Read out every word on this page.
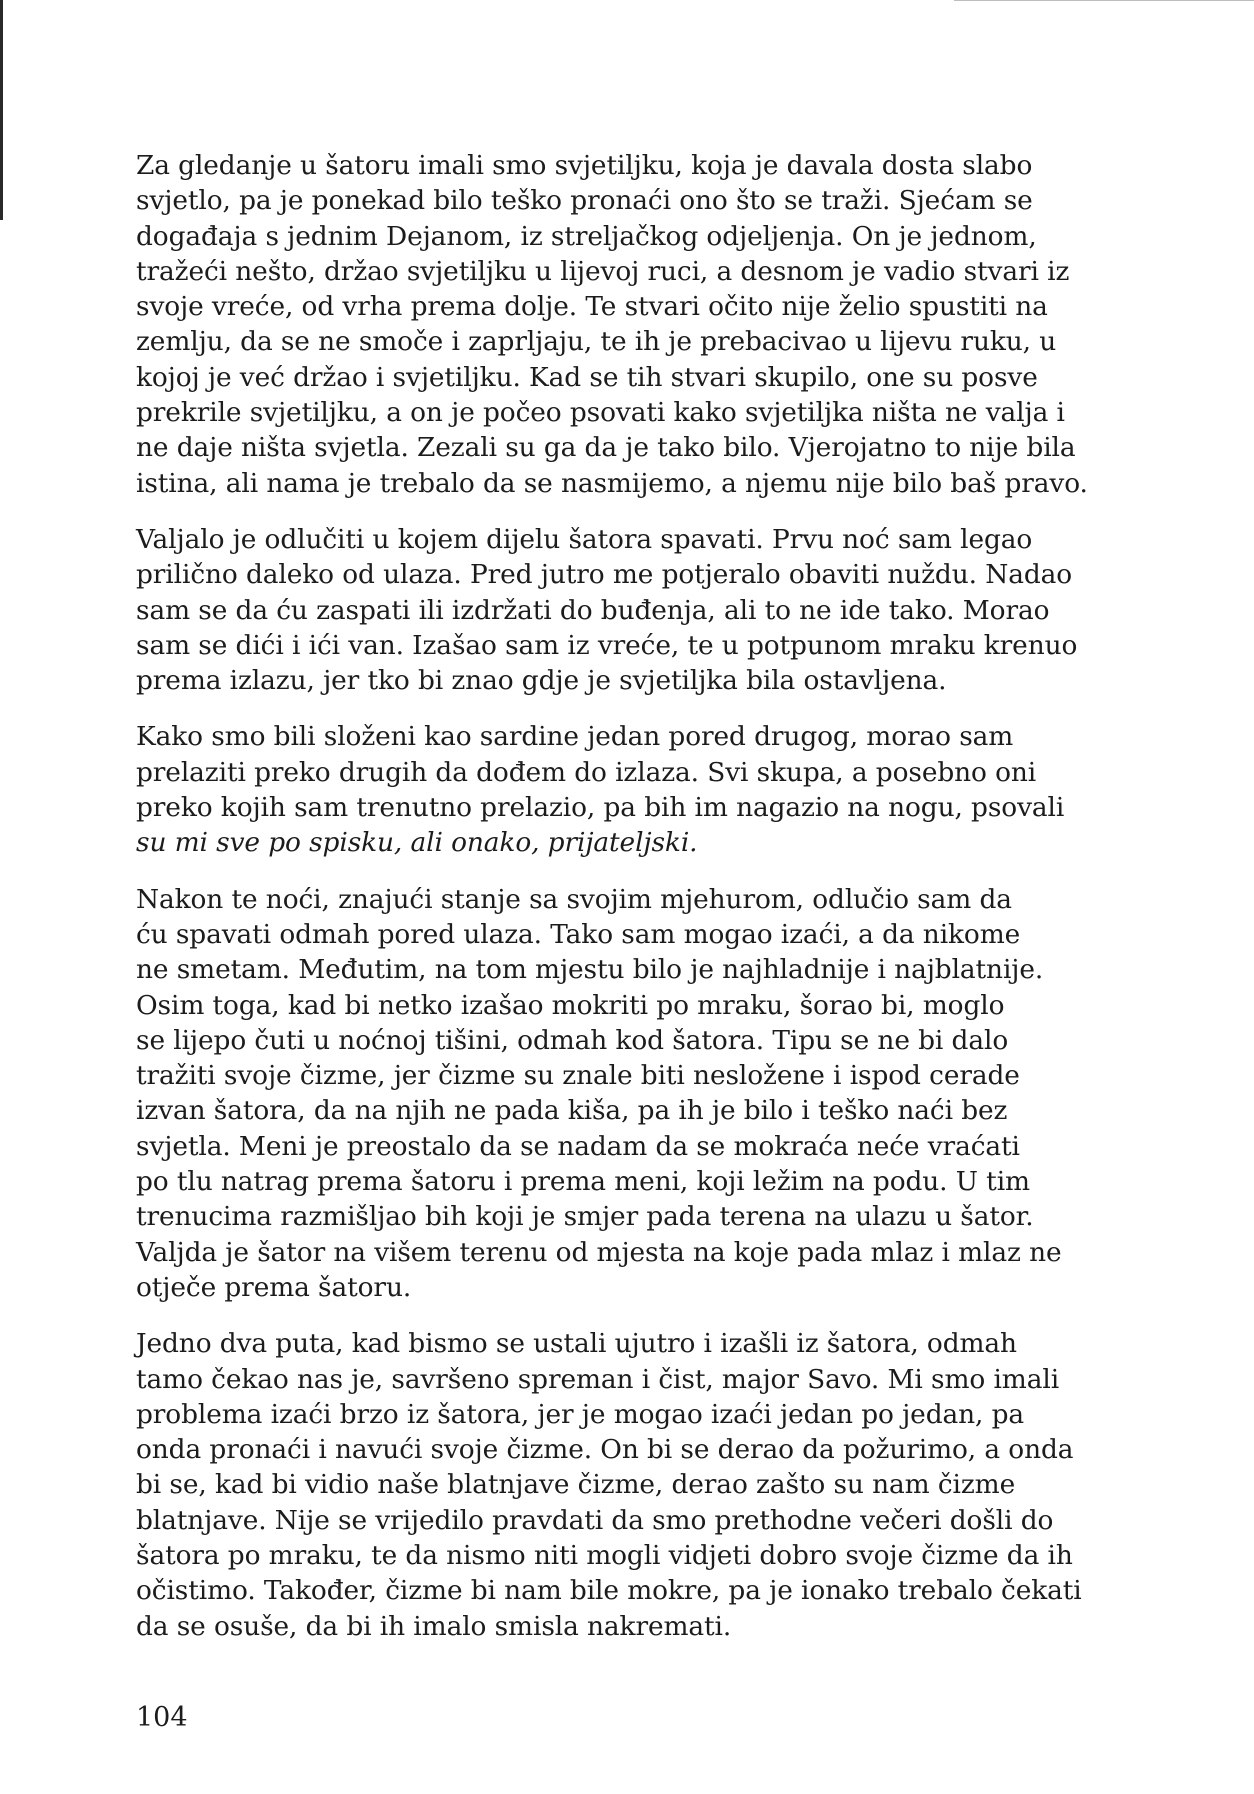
Za gledanje u šatoru imali smo svjetiljku, koja je davala dosta slabo
svjetlo, pa je ponekad bilo teško pronaći ono što se traži. Sjećam se
događaja s jednim Dejanom, iz streljačkog odjeljenja. On je jednom,
tražeći nešto, držao svjetiljku u lijevoj ruci, a desnom je vadio stvari iz
svoje vreće, od vrha prema dolje. Te stvari očito nije želio spustiti na
zemlju, da se ne smoče i zaprljaju, te ih je prebacivao u lijevu ruku, u
kojoj je već držao i svjetiljku. Kad se tih stvari skupilo, one su posve
prekrile svjetiljku, a on je počeo psovati kako svjetiljka ništa ne valja i
ne daje ništa svjetla. Zezali su ga da je tako bilo. Vjerojatno to nije bila
istina, ali nama je trebalo da se nasmijemo, a njemu nije bilo baš pravo.

Valjalo je odlučiti u kojem dijelu šatora spavati. Prvu noć sam legao
prilično daleko od ulaza. Pred jutro me potjeralo obaviti nuždu. Nadao
sam se da ću zaspati ili izdržati do buđenja, ali to ne ide tako. Morao
sam se dići i ići van. Izašao sam iz vreće, te u potpunom mraku krenuo
prema izlazu, jer tko bi znao gdje je svjetiljka bila ostavljena.

Kako smo bili složeni kao sardine jedan pored drugog, morao sam
prelaziti preko drugih da dođem do izlaza. Svi skupa, a posebno oni
preko kojih sam trenutno prelazio, pa bih im nagazio na nogu, psovali
su mi sve po spisku, ali onako, prijateljski.

Nakon te noći, znajući stanje sa svojim mjehurom, odlučio sam da
ću spavati odmah pored ulaza. Tako sam mogao izaći, a da nikome
ne smetam. Međutim, na tom mjestu bilo je najhladnije i najblatnije.
Osim toga, kad bi netko izašao mokriti po mraku, šorao bi, moglo
se lijepo čuti u noćnoj tišini, odmah kod šatora. Tipu se ne bi dalo
tražiti svoje čizme, jer čizme su znale biti nesložene i ispod cerade
izvan šatora, da na njih ne pada kiša, pa ih je bilo i teško naći bez
svjetla. Meni je preostalo da se nadam da se mokraća neće vraćati
po tlu natrag prema šatoru i prema meni, koji ležim na podu. U tim
trenucima razmišljao bih koji je smjer pada terena na ulazu u šator.
Valjda je šator na višem terenu od mjesta na koje pada mlaz i mlaz ne
otječe prema šatoru.

Jedno dva puta, kad bismo se ustali ujutro i izašli iz šatora, odmah
tamo čekao nas je, savršeno spreman i čist, major Savo. Mi smo imali
problema izaći brzo iz šatora, jer je mogao izaći jedan po jedan, pa
onda pronaći i navući svoje čizme. On bi se derao da požurimo, a onda
bi se, kad bi vidio naše blatnjave čizme, derao zašto su nam čizme
blatnjave. Nije se vrijedilo pravdati da smo prethodne večeri došli do
šatora po mraku, te da nismo niti mogli vidjeti dobro svoje čizme da ih
očistimo. Također, čizme bi nam bile mokre, pa je ionako trebalo čekati
da se osuše, da bi ih imalo smisla nakremati.

104
